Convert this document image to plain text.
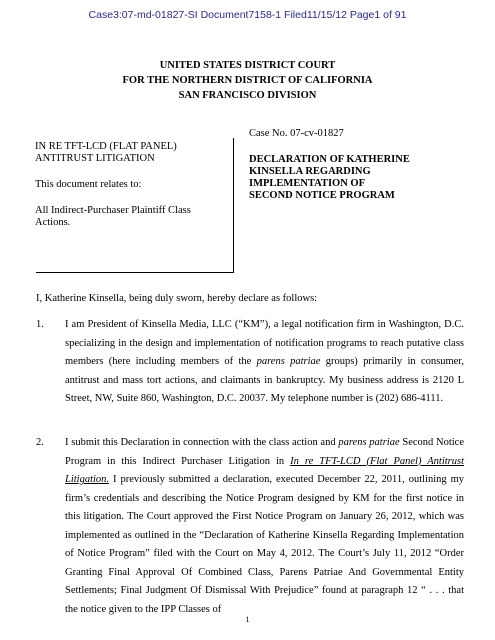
Case3:07-md-01827-SI Document7158-1 Filed11/15/12 Page1 of 91
UNITED STATES DISTRICT COURT
FOR THE NORTHERN DISTRICT OF CALIFORNIA
SAN FRANCISCO DIVISION

IN RE TFT-LCD (FLAT PANEL)

ANTITRUST LITIGATION

This document relates to:

All Indirect-Purchaser Plaintiff Class

Actions.

Case No. 07-cv-01827

DECLARATION OF KATHERINE
KINSELLA REGARDING
IMPLEMENTATION OF
SECOND NOTICE PROGRAM
I, Katherine Kinsella, being duly sworn, hereby declare as follows:
1. I am President of Kinsella Media, LLC (“KM”), a legal notification firm in Washington, D.C. specializing in the design and implementation of notification programs to reach putative class members (here including members of the parens patriae groups) primarily in consumer, antitrust and mass tort actions, and claimants in bankruptcy. My business address is 2120 L Street, NW, Suite 860, Washington, D.C. 20037. My telephone number is (202) 686-4111.
2. I submit this Declaration in connection with the class action and parens patriae Second Notice Program in this Indirect Purchaser Litigation in In re TFT-LCD (Flat Panel) Antitrust Litigation. I previously submitted a declaration, executed December 22, 2011, outlining my firm’s credentials and describing the Notice Program designed by KM for the first notice in this litigation. The Court approved the First Notice Program on January 26, 2012, which was implemented as outlined in the “Declaration of Katherine Kinsella Regarding Implementation of Notice Program” filed with the Court on May 4, 2012. The Court’s July 11, 2012 “Order Granting Final Approval Of Combined Class, Parens Patriae And Governmental Entity Settlements; Final Judgment Of Dismissal With Prejudice” found at paragraph 12 “ . . . that the notice given to the IPP Classes of
1
